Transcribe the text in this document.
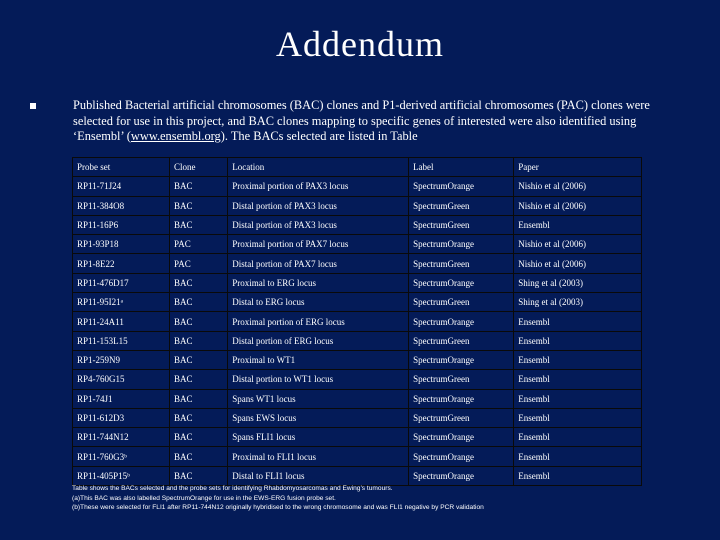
Addendum
Published Bacterial artificial chromosomes (BAC) clones and P1-derived artificial chromosomes (PAC) clones were selected for use in this project, and BAC clones mapping to specific genes of interested were also identified using ‘Ensembl’ (www.ensembl.org). The BACs selected are listed in Table
Probe set	Clone	Location	Label	Paper
RP11-71J24	BAC	Proximal portion of PAX3 locus	SpectrumOrange	Nishio et al (2006)
RP11-384O8	BAC	Distal portion of PAX3 locus	SpectrumGreen	Nishio et al (2006)
RP11-16P6	BAC	Distal portion of PAX3 locus	SpectrumGreen	Ensembl
RP1-93P18	PAC	Proximal portion of PAX7 locus	SpectrumOrange	Nishio et al (2006)
RP1-8E22	PAC	Distal portion of PAX7 locus	SpectrumGreen	Nishio et al (2006)
RP11-476D17	BAC	Proximal to ERG locus	SpectrumOrange	Shing et al (2003)
RP11-95I21ᵃ	BAC	Distal to ERG locus	SpectrumGreen	Shing et al (2003)
RP11-24A11	BAC	Proximal portion of ERG locus	SpectrumOrange	Ensembl
RP11-153L15	BAC	Distal portion of ERG locus	SpectrumGreen	Ensembl
RP1-259N9	BAC	Proximal to WT1	SpectrumOrange	Ensembl
RP4-760G15	BAC	Distal portion to WT1 locus	SpectrumGreen	Ensembl
RP1-74J1	BAC	Spans WT1 locus	SpectrumOrange	Ensembl
RP11-612D3	BAC	Spans EWS locus	SpectrumGreen	Ensembl
RP11-744N12	BAC	Spans FLI1 locus	SpectrumOrange	Ensembl
RP11-760G3ᵇ	BAC	Proximal to FLI1 locus	SpectrumOrange	Ensembl
RP11-405P15ᵇ	BAC	Distal to FLI1 locus	SpectrumOrange	Ensembl
Table shows the BACs selected and the probe sets for identifying Rhabdomyosarcomas and Ewing’s tumours.
(a)This BAC was also labelled SpectrumOrange for use in the EWS-ERG fusion probe set.
(b)These were selected for FLI1 after RP11-744N12 originally hybridised to the wrong chromosome and was FLI1 negative by PCR validation
